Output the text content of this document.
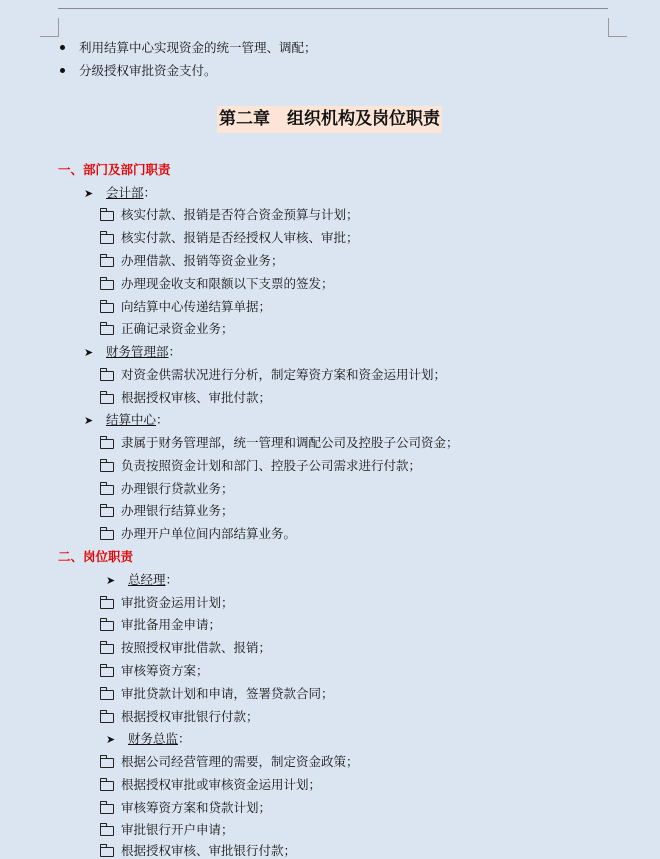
利用结算中心实现资金的统一管理、调配；
分级授权审批资金支付。
第二章　组织机构及岗位职责
一、部门及部门职责
➤ 会计部：
核实付款、报销是否符合资金预算与计划；
核实付款、报销是否经授权人审核、审批；
办理借款、报销等资金业务；
办理现金收支和限额以下支票的签发；
向结算中心传递结算单据；
正确记录资金业务；
➤ 财务管理部：
对资金供需状况进行分析，制定筹资方案和资金运用计划；
根据授权审核、审批付款；
➤ 结算中心：
隶属于财务管理部，统一管理和调配公司及控股子公司资金；
负责按照资金计划和部门、控股子公司需求进行付款；
办理银行贷款业务；
办理银行结算业务；
办理开户单位间内部结算业务。
二、岗位职责
➤ 总经理：
审批资金运用计划；
审批备用金申请；
按照授权审批借款、报销；
审核筹资方案；
审批贷款计划和申请，签署贷款合同；
根据授权审批银行付款；
➤ 财务总监：
根据公司经营管理的需要，制定资金政策；
根据授权审批或审核资金运用计划；
审核筹资方案和贷款计划；
审批银行开户申请；
根据授权审核、审批银行付款；
